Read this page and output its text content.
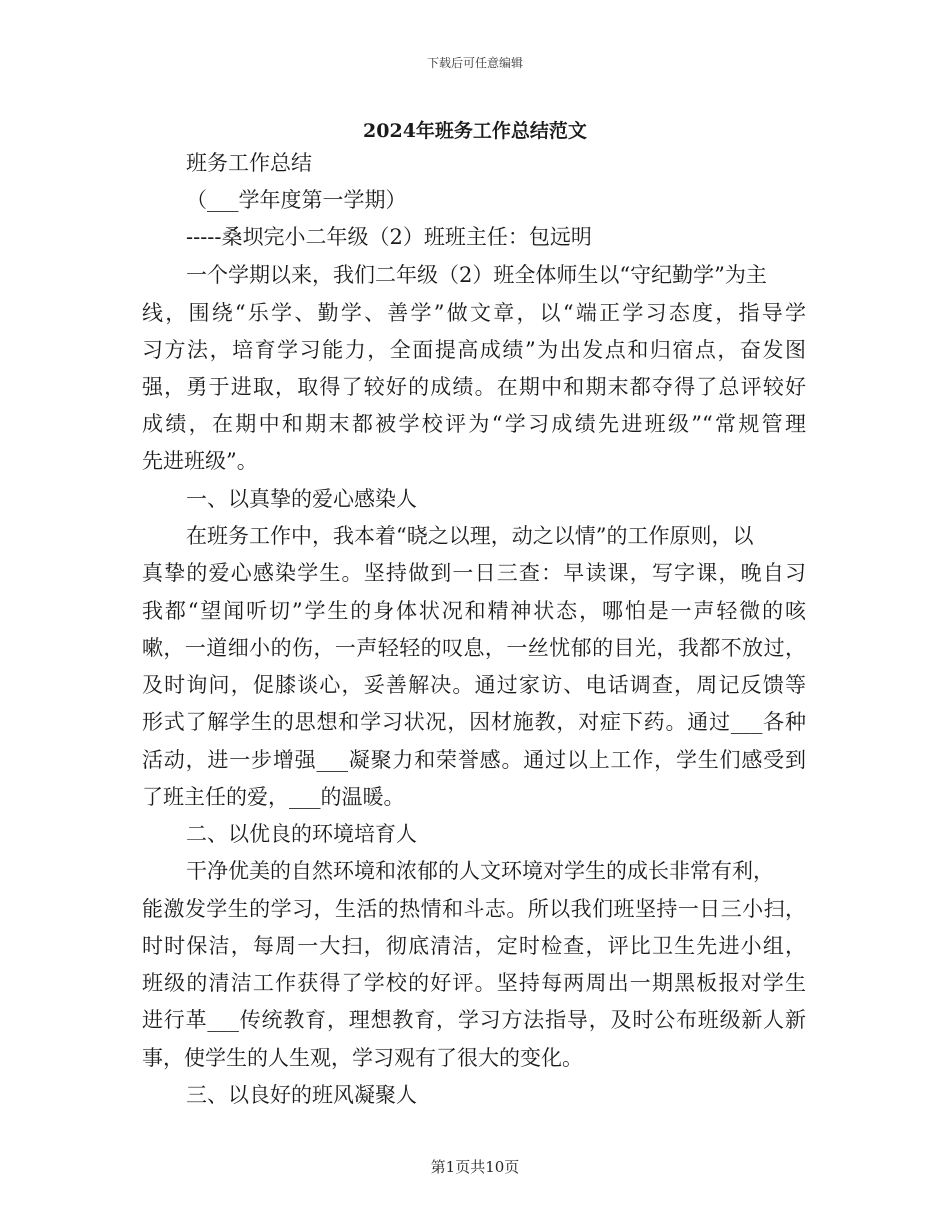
下载后可任意编辑
2024年班务工作总结范文
班务工作总结
（___学年度第一学期）
-----桑坝完小二年级（2）班班主任：包远明
一个学期以来，我们二年级（2）班全体师生以“守纪勤学”为主
线，围绕“乐学、勤学、善学”做文章，以“端正学习态度，指导学
习方法，培育学习能力，全面提高成绩”为出发点和归宿点，奋发图
强，勇于进取，取得了较好的成绩。在期中和期末都夺得了总评较好
成绩，在期中和期末都被学校评为“学习成绩先进班级”“常规管理
先进班级”。
一、以真挚的爱心感染人
在班务工作中，我本着“晓之以理，动之以情”的工作原则，以
真挚的爱心感染学生。坚持做到一日三查：早读课，写字课，晚自习
我都“望闻听切”学生的身体状况和精神状态，哪怕是一声轻微的咳
嗽，一道细小的伤，一声轻轻的叹息，一丝忧郁的目光，我都不放过，
及时询问，促膝谈心，妥善解决。通过家访、电话调查，周记反馈等
形式了解学生的思想和学习状况，因材施教，对症下药。通过___各种
活动，进一步增强___凝聚力和荣誉感。通过以上工作，学生们感受到
了班主任的爱，___的温暖。
二、以优良的环境培育人
干净优美的自然环境和浓郁的人文环境对学生的成长非常有利，
能激发学生的学习，生活的热情和斗志。所以我们班坚持一日三小扫，
时时保洁，每周一大扫，彻底清洁，定时检查，评比卫生先进小组，
班级的清洁工作获得了学校的好评。坚持每两周出一期黑板报对学生
进行革___传统教育，理想教育，学习方法指导，及时公布班级新人新
事，使学生的人生观，学习观有了很大的变化。
三、以良好的班风凝聚人
第1页共10页
